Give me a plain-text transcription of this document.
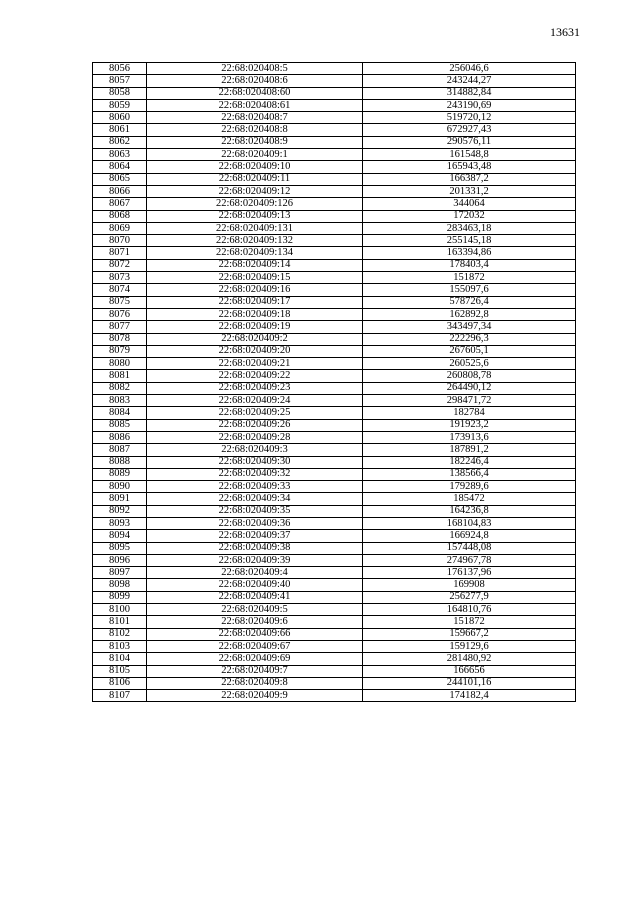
13631
8056	22:68:020408:5	256046,6
8057	22:68:020408:6	243244,27
8058	22:68:020408:60	314882,84
8059	22:68:020408:61	243190,69
8060	22:68:020408:7	519720,12
8061	22:68:020408:8	672927,43
8062	22:68:020408:9	290576,11
8063	22:68:020409:1	161548,8
8064	22:68:020409:10	165943,48
8065	22:68:020409:11	166387,2
8066	22:68:020409:12	201331,2
8067	22:68:020409:126	344064
8068	22:68:020409:13	172032
8069	22:68:020409:131	283463,18
8070	22:68:020409:132	255145,18
8071	22:68:020409:134	163394,86
8072	22:68:020409:14	178403,4
8073	22:68:020409:15	151872
8074	22:68:020409:16	155097,6
8075	22:68:020409:17	578726,4
8076	22:68:020409:18	162892,8
8077	22:68:020409:19	343497,34
8078	22:68:020409:2	222296,3
8079	22:68:020409:20	267605,1
8080	22:68:020409:21	260525,6
8081	22:68:020409:22	260808,78
8082	22:68:020409:23	264490,12
8083	22:68:020409:24	298471,72
8084	22:68:020409:25	182784
8085	22:68:020409:26	191923,2
8086	22:68:020409:28	173913,6
8087	22:68:020409:3	187891,2
8088	22:68:020409:30	182246,4
8089	22:68:020409:32	138566,4
8090	22:68:020409:33	179289,6
8091	22:68:020409:34	185472
8092	22:68:020409:35	164236,8
8093	22:68:020409:36	168104,83
8094	22:68:020409:37	166924,8
8095	22:68:020409:38	157448,08
8096	22:68:020409:39	274967,78
8097	22:68:020409:4	176137,96
8098	22:68:020409:40	169908
8099	22:68:020409:41	256277,9
8100	22:68:020409:5	164810,76
8101	22:68:020409:6	151872
8102	22:68:020409:66	159667,2
8103	22:68:020409:67	159129,6
8104	22:68:020409:69	281480,92
8105	22:68:020409:7	166656
8106	22:68:020409:8	244101,16
8107	22:68:020409:9	174182,4
